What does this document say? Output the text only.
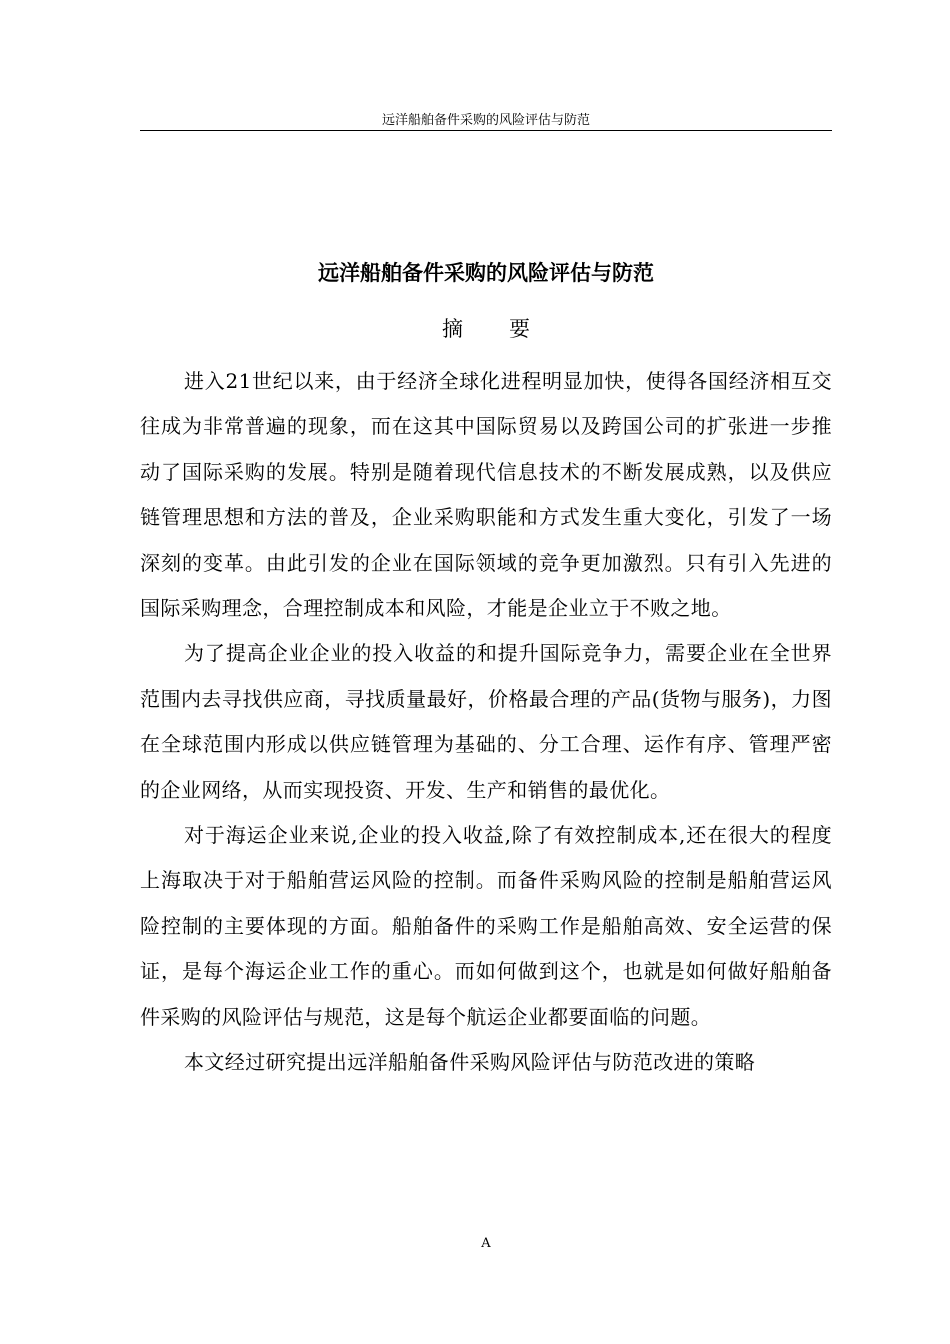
远洋船舶备件采购的风险评估与防范
远洋船舶备件采购的风险评估与防范
摘 要

进入21世纪以来，由于经济全球化进程明显加快，使得各国经济相互交往成为非常普遍的现象，而在这其中国际贸易以及跨国公司的扩张进一步推动了国际采购的发展。特别是随着现代信息技术的不断发展成熟，以及供应链管理思想和方法的普及，企业采购职能和方式发生重大变化，引发了一场深刻的变革。由此引发的企业在国际领域的竞争更加激烈。只有引入先进的国际采购理念，合理控制成本和风险，才能是企业立于不败之地。

为了提高企业企业的投入收益的和提升国际竞争力，需要企业在全世界范围内去寻找供应商，寻找质量最好，价格最合理的产品(货物与服务)，力图在全球范围内形成以供应链管理为基础的、分工合理、运作有序、管理严密的企业网络，从而实现投资、开发、生产和销售的最优化。

对于海运企业来说,企业的投入收益,除了有效控制成本,还在很大的程度上海取决于对于船舶营运风险的控制。而备件采购风险的控制是船舶营运风险控制的主要体现的方面。船舶备件的采购工作是船舶高效、安全运营的保证，是每个海运企业工作的重心。而如何做到这个，也就是如何做好船舶备件采购的风险评估与规范，这是每个航运企业都要面临的问题。

本文经过研究提出远洋船舶备件采购风险评估与防范改进的策略

A
